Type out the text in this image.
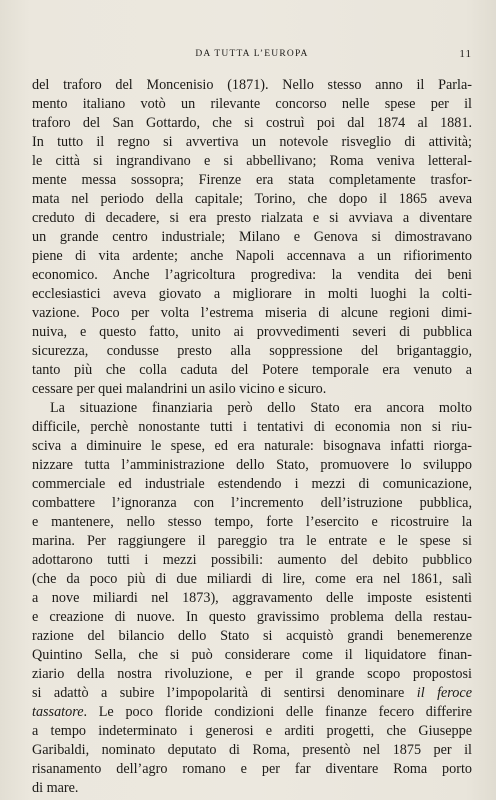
DA TUTTA L’EUROPA	11
del traforo del Moncenisio (1871). Nello stesso anno il Parla-
mento italiano votò un rilevante concorso nelle spese per il
traforo del San Gottardo, che si costruì poi dal 1874 al 1881.
In tutto il regno si avvertiva un notevole risveglio di attività;
le città si ingrandivano e si abbellivano; Roma veniva letteral-
mente messa sossopra; Firenze era stata completamente trasfor-
mata nel periodo della capitale; Torino, che dopo il 1865 aveva
creduto di decadere, si era presto rialzata e si avviava a diventare
un grande centro industriale; Milano e Genova si dimostravano
piene di vita ardente; anche Napoli accennava a un rifiorimento
economico. Anche l’agricoltura progrediva: la vendita dei beni
ecclesiastici aveva giovato a migliorare in molti luoghi la colti-
vazione. Poco per volta l’estrema miseria di alcune regioni dimi-
nuiva, e questo fatto, unito ai provvedimenti severi di pubblica
sicurezza, condusse presto alla soppressione del brigantaggio,
tanto più che colla caduta del Potere temporale era venuto a
cessare per quei malandrini un asilo vicino e sicuro.
La situazione finanziaria però dello Stato era ancora molto
difficile, perchè nonostante tutti i tentativi di economia non si riu-
sciva a diminuire le spese, ed era naturale: bisognava infatti riorga-
nizzare tutta l’amministrazione dello Stato, promuovere lo sviluppo
commerciale ed industriale estendendo i mezzi di comunicazione,
combattere l’ignoranza con l’incremento dell’istruzione pubblica,
e mantenere, nello stesso tempo, forte l’esercito e ricostruire la
marina. Per raggiungere il pareggio tra le entrate e le spese si
adottarono tutti i mezzi possibili: aumento del debito pubblico
(che da poco più di due miliardi di lire, come era nel 1861, salì
a nove miliardi nel 1873), aggravamento delle imposte esistenti
e creazione di nuove. In questo gravissimo problema della restau-
razione del bilancio dello Stato si acquistò grandi benemerenze
Quintino Sella, che si può considerare come il liquidatore finan-
ziario della nostra rivoluzione, e per il grande scopo propostosi
si adattò a subire l’impopolarità di sentirsi denominare il feroce
tassatore. Le poco floride condizioni delle finanze fecero differire
a tempo indeterminato i generosi e arditi progetti, che Giuseppe
Garibaldi, nominato deputato di Roma, presentò nel 1875 per il
risanamento dell’agro romano e per far diventare Roma porto
di mare.
